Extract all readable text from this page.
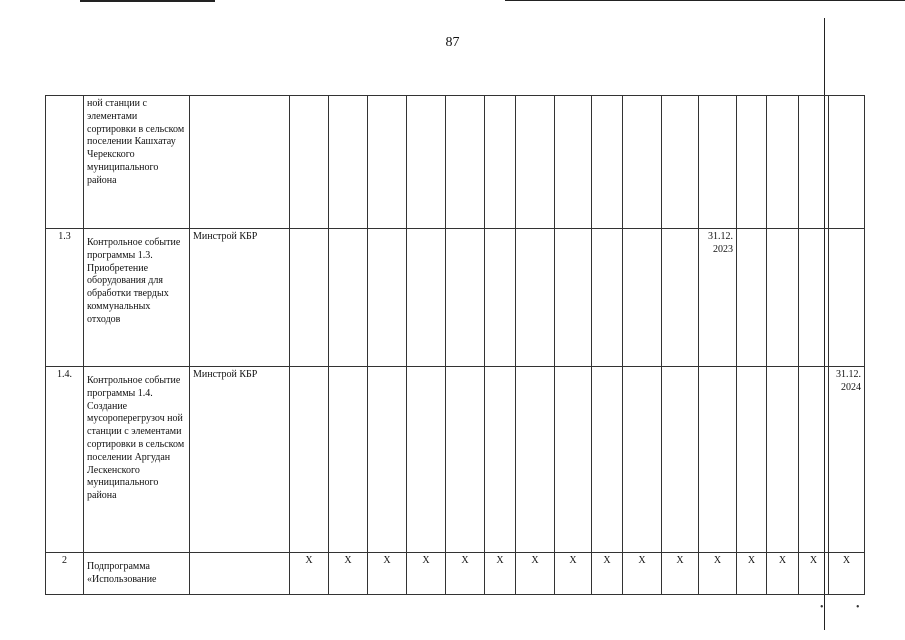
87
	ной станции с элементами сортировки в сельском поселении Кашхатау Черекского муниципального района																	
1.3	Контрольное событие программы 1.3. Приобретение оборудования для обработки твердых коммунальных отходов	Минстрой КБР												31.12. 2023				
1.4.	Контрольное событие программы 1.4. Создание мусороперегрузоч ной станции с элементами сортировки в сельском поселении Аргудан Лескенского муниципального района	Минстрой КБР																31.12. 2024
2	Подпрограмма «Использование		X	X	X	X	X	X	X	X	X	X	X	X	X	X	X	X
•	•
